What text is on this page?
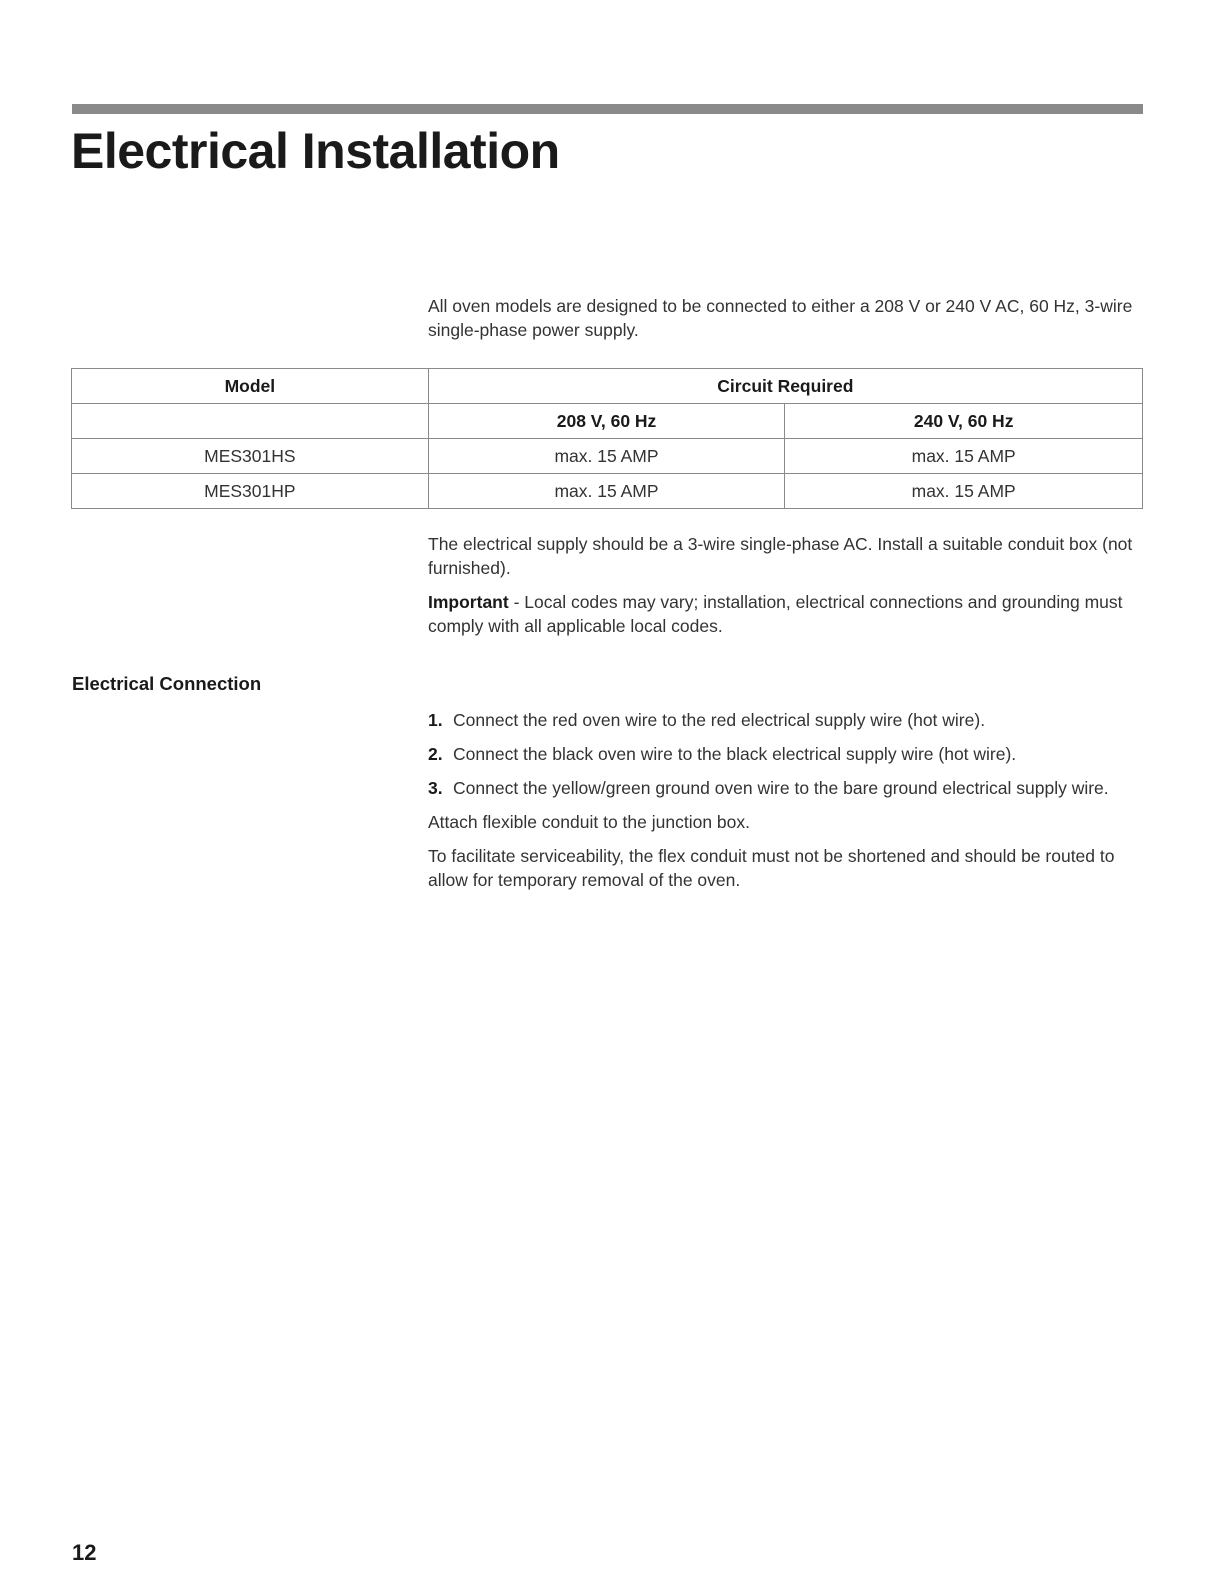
Electrical Installation

All oven models are designed to be connected to either a 208 V or 240 V AC, 60 Hz, 3-wire single-phase power supply.

Model	Circuit Required	
	208 V, 60 Hz	240 V, 60 Hz
MES301HS	max. 15 AMP	max. 15 AMP
MES301HP	max. 15 AMP	max. 15 AMP

The electrical supply should be a 3-wire single-phase AC. Install a suitable conduit box (not furnished).

Important - Local codes may vary; installation, electrical connections and grounding must comply with all applicable local codes.

Electrical Connection
1. Connect the red oven wire to the red electrical supply wire (hot wire).
2. Connect the black oven wire to the black electrical supply wire (hot wire).
3. Connect the yellow/green ground oven wire to the bare ground electrical supply wire.

Attach flexible conduit to the junction box.

To facilitate serviceability, the flex conduit must not be shortened and should be routed to allow for temporary removal of the oven.

12
